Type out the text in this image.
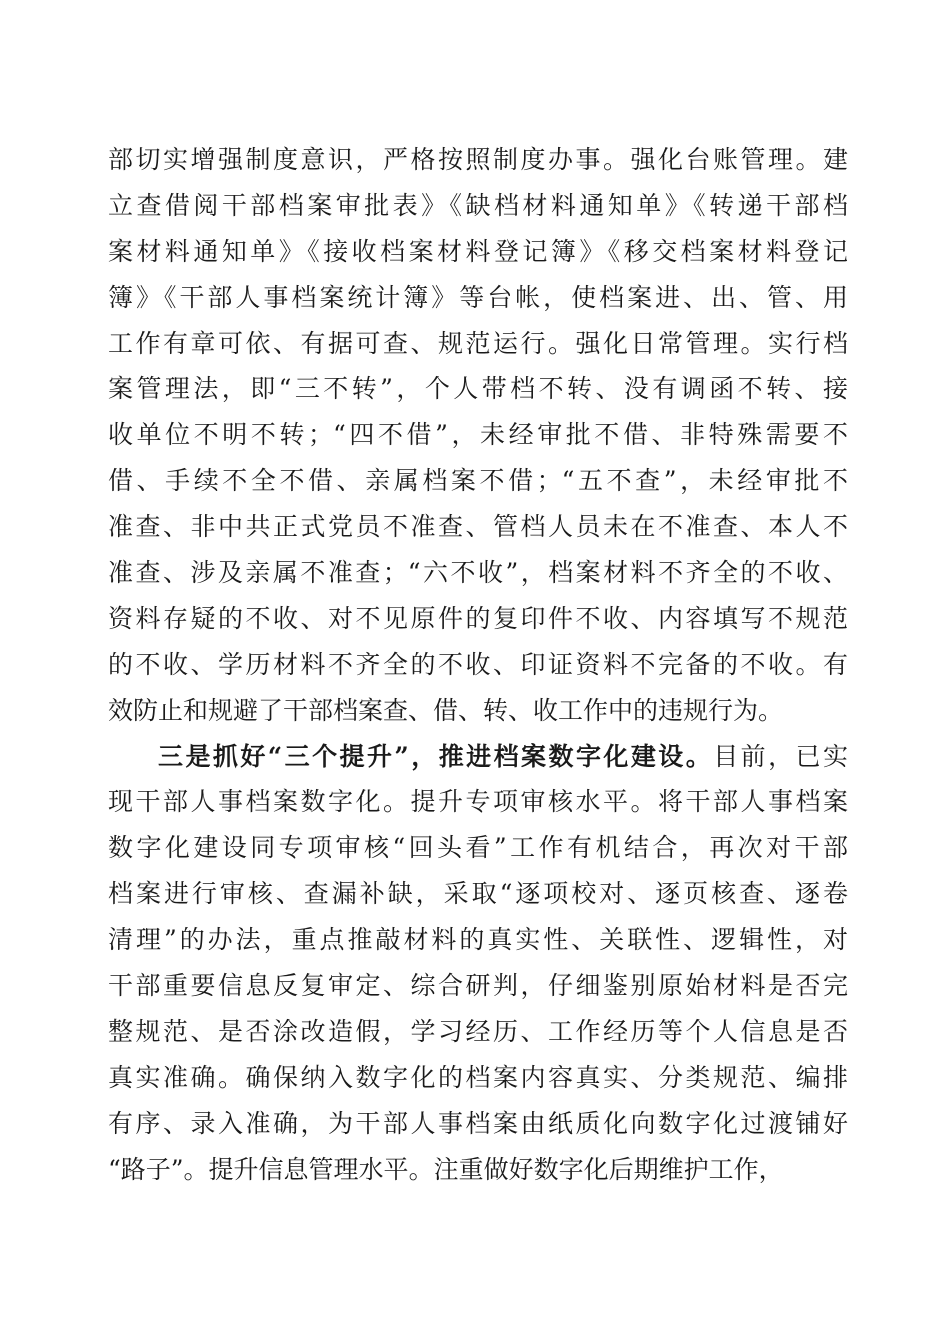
部切实增强制度意识，严格按照制度办事。强化台账管理。建
立查借阅干部档案审批表》《缺档材料通知单》《转递干部档
案材料通知单》《接收档案材料登记簿》《移交档案材料登记
簿》《干部人事档案统计簿》等台帐，使档案进、出、管、用
工作有章可依、有据可查、规范运行。强化日常管理。实行档
案管理法，即“三不转”，个人带档不转、没有调函不转、接
收单位不明不转；“四不借”，未经审批不借、非特殊需要不
借、手续不全不借、亲属档案不借；“五不查”，未经审批不
准查、非中共正式党员不准查、管档人员未在不准查、本人不
准查、涉及亲属不准查；“六不收”，档案材料不齐全的不收、
资料存疑的不收、对不见原件的复印件不收、内容填写不规范
的不收、学历材料不齐全的不收、印证资料不完备的不收。有
效防止和规避了干部档案查、借、转、收工作中的违规行为。
三是抓好“三个提升”，推进档案数字化建设。目前，已实
现干部人事档案数字化。提升专项审核水平。将干部人事档案
数字化建设同专项审核“回头看”工作有机结合，再次对干部
档案进行审核、查漏补缺，采取“逐项校对、逐页核查、逐卷
清理”的办法，重点推敲材料的真实性、关联性、逻辑性，对
干部重要信息反复审定、综合研判，仔细鉴别原始材料是否完
整规范、是否涂改造假，学习经历、工作经历等个人信息是否
真实准确。确保纳入数字化的档案内容真实、分类规范、编排
有序、录入准确，为干部人事档案由纸质化向数字化过渡铺好
“路子”。提升信息管理水平。注重做好数字化后期维护工作，
